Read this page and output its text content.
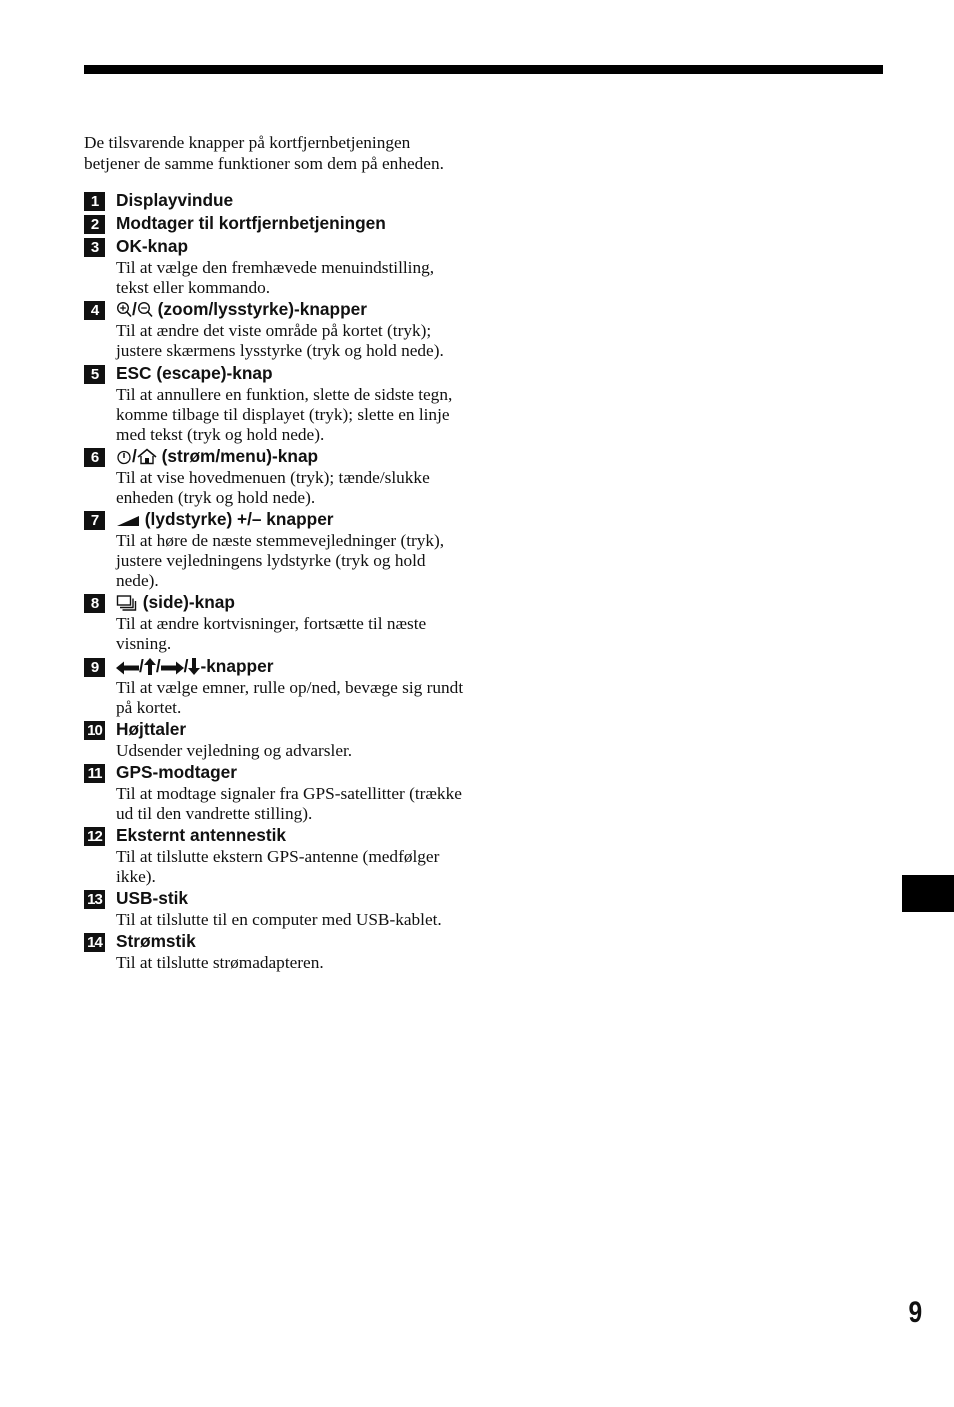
9

De tilsvarende knapper på kortfjernbetjeningen betjener de samme funktioner som dem på enheden.

1	Displayvindue
2	Modtager til kortfjernbetjeningen
3	OK-knap

Til at vælge den fremhævede menuindstilling, tekst eller kommando.

4	/
(zoom/lysstyrke)-knapper

Til at ændre det viste område på kortet (tryk); justere skærmens lysstyrke (tryk og hold nede).

5	ESC (escape)-knap

Til at annullere en funktion, slette de sidste tegn, komme tilbage til displayet (tryk); slette en linje med tekst (tryk og hold nede).

6	/
(strøm/menu)-knap

Til at vise hovedmenuen (tryk); tænde/slukke enheden (tryk og hold nede).

7	(lydstyrke) +/– knapper

Til at høre de næste stemmevejledninger (tryk), justere vejledningens lydstyrke (tryk og hold nede).

8	(side)-knap

Til at ændre kortvisninger, fortsætte til næste visning.

9	/ / / -knapper

Til at vælge emner, rulle op/ned, bevæge sig rundt på kortet.

10 Højttaler

Udsender vejledning og advarsler.

11 GPS-modtager

Til at modtage signaler fra GPS-satellitter (trække ud til den vandrette stilling).

12 Eksternt antennestik

Til at tilslutte ekstern GPS-antenne (medfølger ikke).

13 USB-stik

Til at tilslutte til en computer med USB-kablet.

14 Strømstik

Til at tilslutte strømadapteren.
